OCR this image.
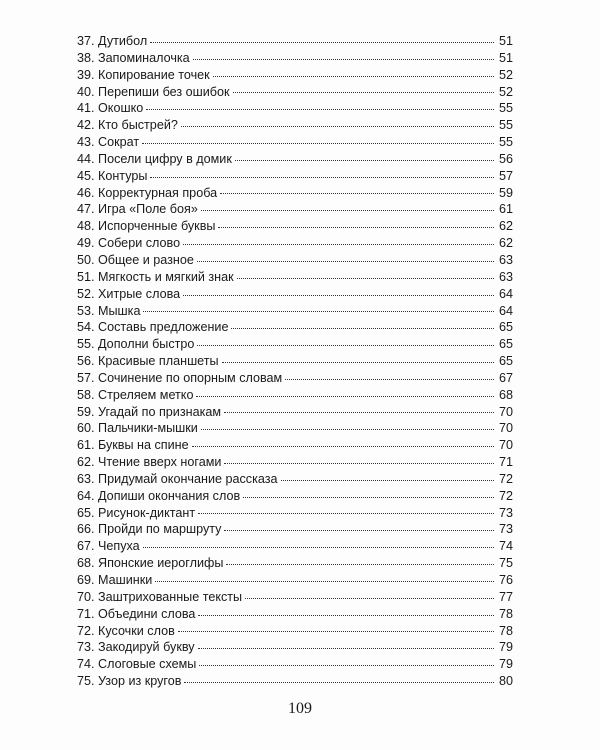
37. Дутибол	51
38. Запоминалочка	51
39. Копирование точек	52
40. Перепиши без ошибок	52
41. Окошко	55
42. Кто быстрей?	55
43. Сократ	55
44. Посели цифру в домик	56
45. Контуры	57
46. Корректурная проба	59
47. Игра «Поле боя»	61
48. Испорченные буквы	62
49. Собери слово	62
50. Общее и разное	63
51. Мягкость и мягкий знак	63
52. Хитрые слова	64
53. Мышка	64
54. Составь предложение	65
55. Дополни быстро	65
56. Красивые планшеты	65
57. Сочинение по опорным словам	67
58. Стреляем метко	68
59. Угадай по признакам	70
60. Пальчики-мышки	70
61. Буквы на спине	70
62. Чтение вверх ногами	71
63. Придумай окончание рассказа	72
64. Допиши окончания слов	72
65. Рисунок-диктант	73
66. Пройди по маршруту	73
67. Чепуха	74
68. Японские иероглифы	75
69. Машинки	76
70. Заштрихованные тексты	77
71. Объедини слова	78
72. Кусочки слов	78
73. Закодируй букву	79
74. Слоговые схемы	79
75. Узор из кругов	80
109
